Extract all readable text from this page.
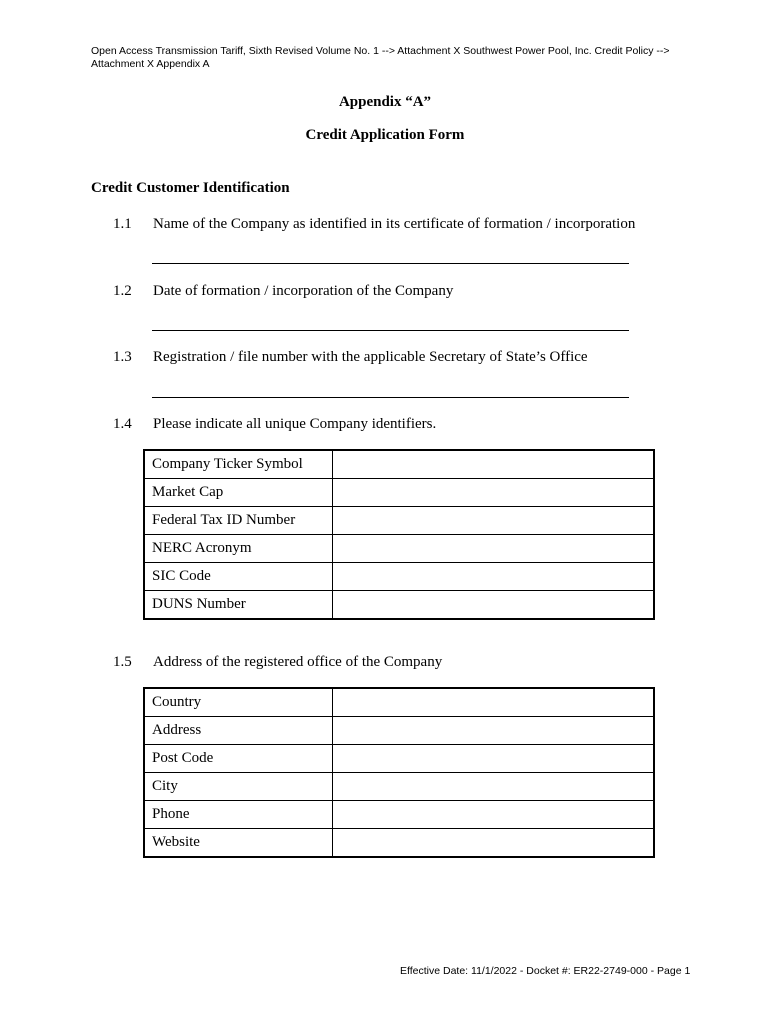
Open Access Transmission Tariff, Sixth Revised Volume No. 1 --> Attachment X Southwest Power Pool, Inc. Credit Policy -->
Attachment X Appendix A
Appendix “A”
Credit Application Form
Credit Customer Identification
1.1 Name of the Company as identified in its certificate of formation / incorporation
1.2 Date of formation / incorporation of the Company
1.3 Registration / file number with the applicable Secretary of State’s Office
1.4 Please indicate all unique Company identifiers.
Company Ticker Symbol	
Market Cap	
Federal Tax ID Number	
NERC Acronym	
SIC Code	
DUNS Number	
1.5 Address of the registered office of the Company
Country	
Address	
Post Code	
City	
Phone	
Website	
Effective Date: 11/1/2022 - Docket #: ER22-2749-000 - Page 1
